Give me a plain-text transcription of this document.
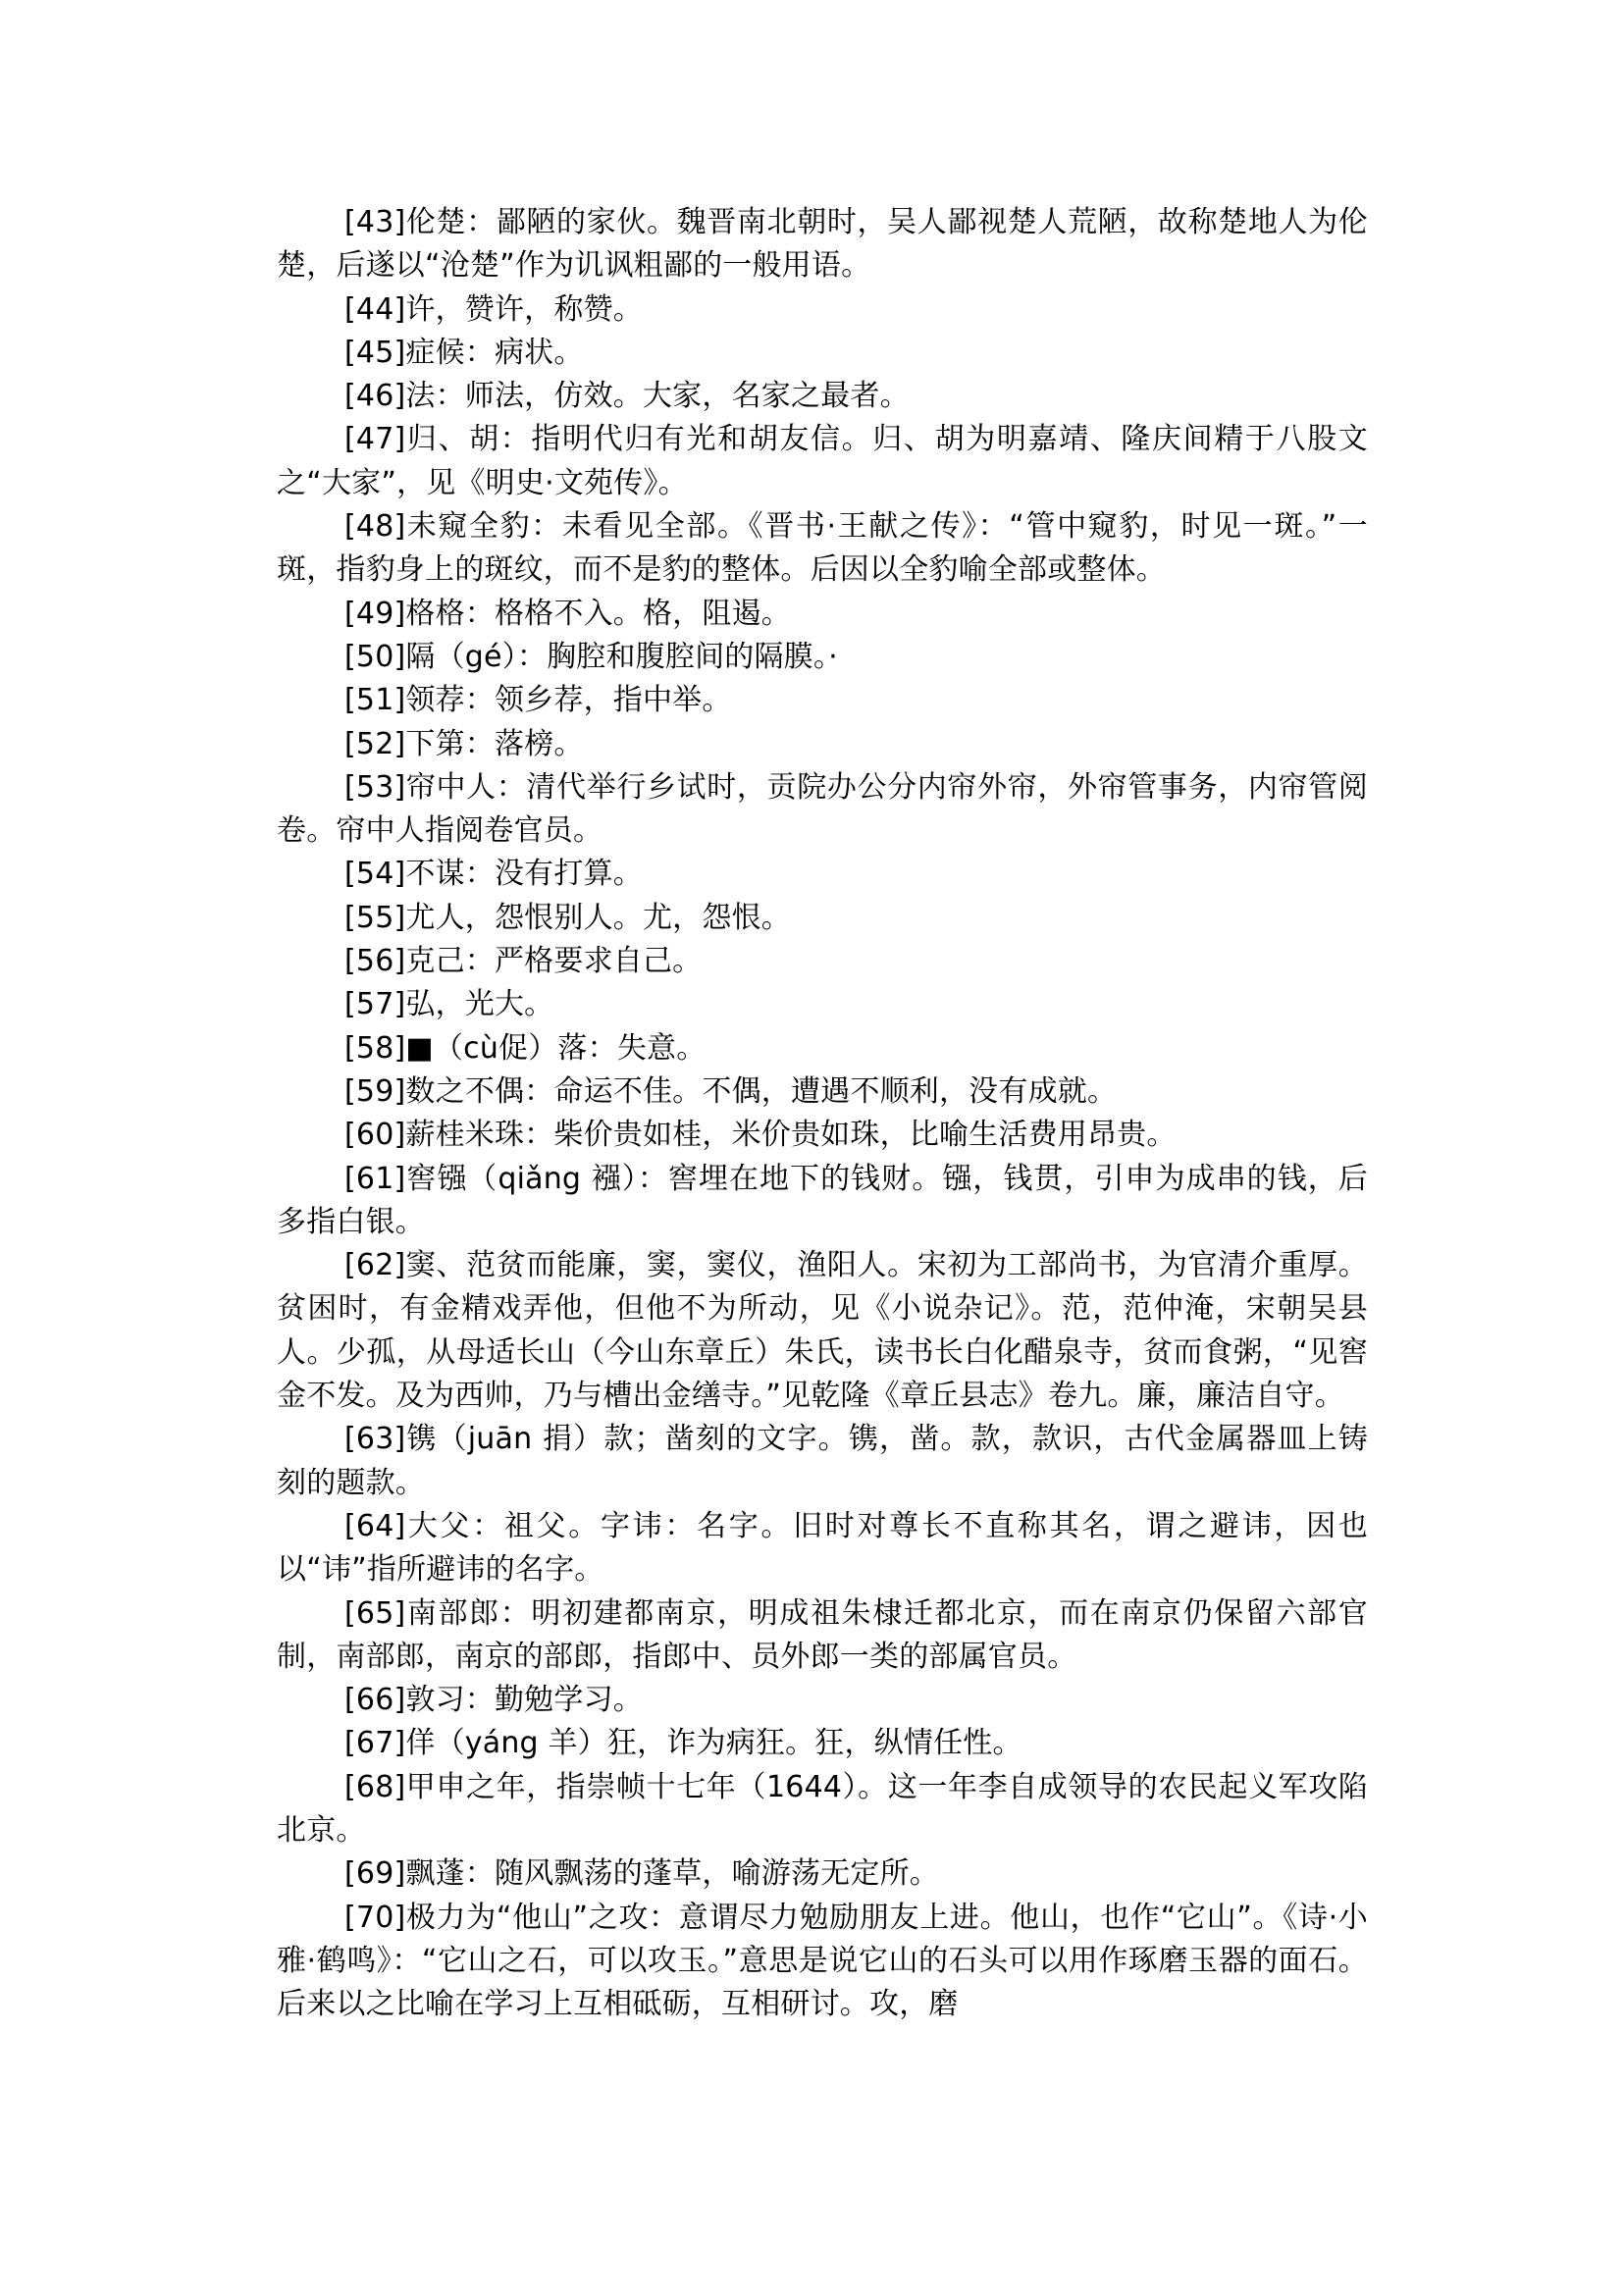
[43]伦楚：鄙陋的家伙。魏晋南北朝时，吴人鄙视楚人荒陋，故称楚地人为伦楚，后遂以“沧楚”作为讥讽粗鄙的一般用语。

[44]许，赞许，称赞。

[45]症候：病状。

[46]法：师法，仿效。大家，名家之最者。

[47]归、胡：指明代归有光和胡友信。归、胡为明嘉靖、隆庆间精于八股文之“大家”，见《明史·文苑传》。

[48]未窥全豹：未看见全部。《晋书·王献之传》：“管中窥豹，时见一斑。”一斑，指豹身上的斑纹，而不是豹的整体。后因以全豹喻全部或整体。

[49]格格：格格不入。格，阻遏。

[50]隔（gé）：胸腔和腹腔间的隔膜。·

[51]领荐：领乡荐，指中举。

[52]下第：落榜。

[53]帘中人：清代举行乡试时，贡院办公分内帘外帘，外帘管事务，内帘管阅卷。帘中人指阅卷官员。

[54]不谋：没有打算。

[55]尤人，怨恨别人。尤，怨恨。

[56]克己：严格要求自己。

[57]弘，光大。

[58]■（cù促）落：失意。

[59]数之不偶：命运不佳。不偶，遭遇不顺利，没有成就。

[60]薪桂米珠：柴价贵如桂，米价贵如珠，比喻生活费用昂贵。

[61]窖镪（qiǎng 襁）：窖埋在地下的钱财。镪，钱贯，引申为成串的钱，后多指白银。

[62]窦、范贫而能廉，窦，窦仪，渔阳人。宋初为工部尚书，为官清介重厚。贫困时，有金精戏弄他，但他不为所动，见《小说杂记》。范，范仲淹，宋朝吴县人。少孤，从母适长山（今山东章丘）朱氏，读书长白化醋泉寺，贫而食粥，“见窖金不发。及为西帅，乃与槽出金缮寺。”见乾隆《章丘县志》卷九。廉，廉洁自守。

[63]镌（juān 捐）款；凿刻的文字。镌，凿。款，款识，古代金属器皿上铸刻的题款。

[64]大父：祖父。字讳：名字。旧时对尊长不直称其名，谓之避讳，因也以“讳”指所避讳的名字。

[65]南部郎：明初建都南京，明成祖朱棣迁都北京，而在南京仍保留六部官制，南部郎，南京的部郎，指郎中、员外郎一类的部属官员。

[66]敦习：勤勉学习。

[67]佯（yáng 羊）狂，诈为病狂。狂，纵情任性。

[68]甲申之年，指崇帧十七年（1644）。这一年李自成领导的农民起义军攻陷北京。

[69]飘蓬：随风飘荡的蓬草，喻游荡无定所。

[70]极力为“他山”之攻：意谓尽力勉励朋友上进。他山，也作“它山”。《诗·小雅·鹤鸣》：“它山之石，可以攻玉。”意思是说它山的石头可以用作琢磨玉器的面石。后来以之比喻在学习上互相砥砺，互相研讨。攻，磨
